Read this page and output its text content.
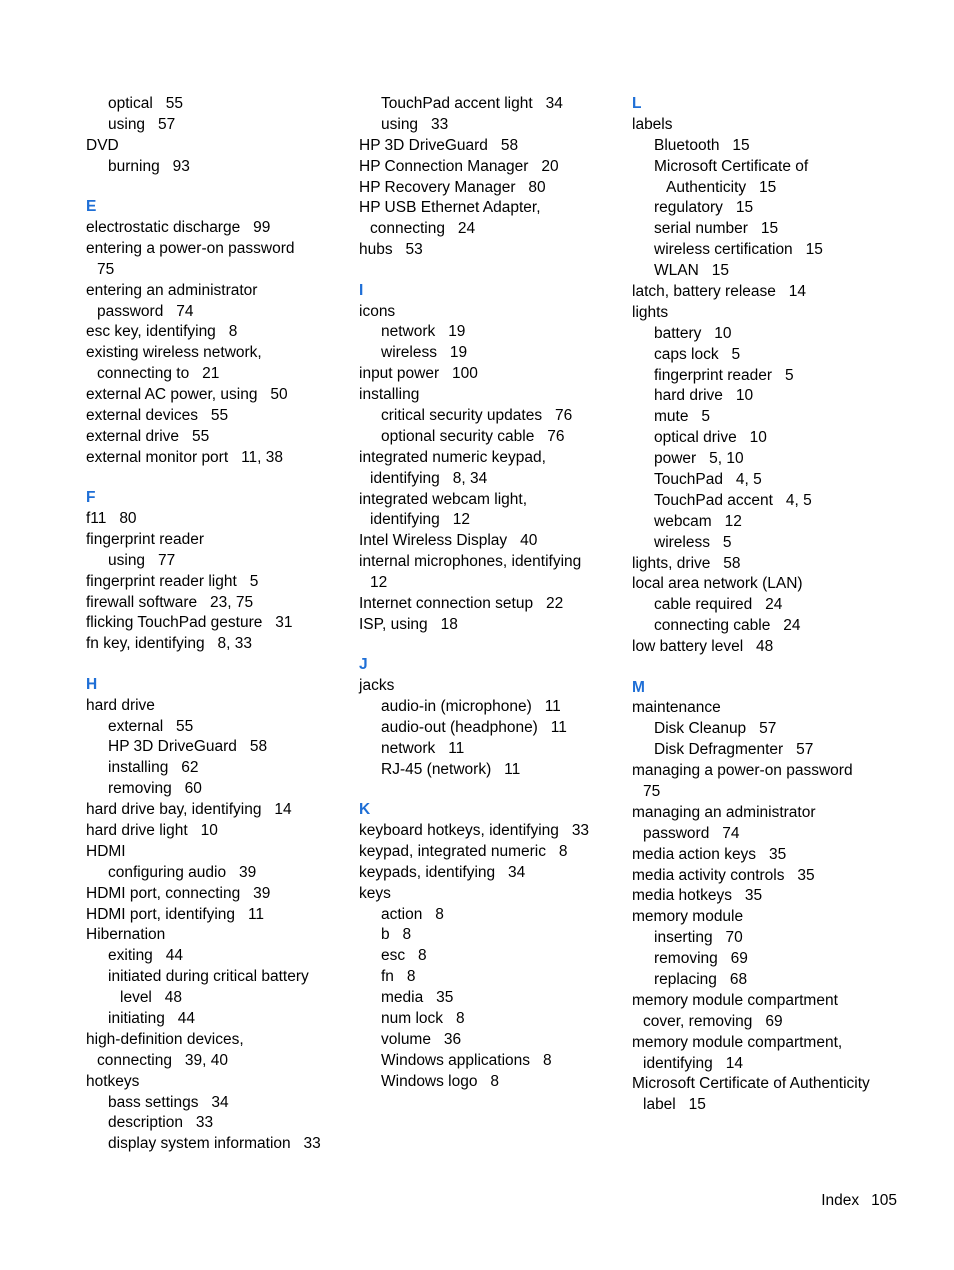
optical   55
using   57
DVD
burning   93
E
electrostatic discharge   99
entering a power-on password
75
entering an administrator
password   74
esc key, identifying   8
existing wireless network,
connecting to   21
external AC power, using   50
external devices   55
external drive   55
external monitor port   11, 38
F
f11   80
fingerprint reader
using   77
fingerprint reader light   5
firewall software   23, 75
flicking TouchPad gesture   31
fn key, identifying   8, 33
H
hard drive
external   55
HP 3D DriveGuard   58
installing   62
removing   60
hard drive bay, identifying   14
hard drive light   10
HDMI
configuring audio   39
HDMI port, connecting   39
HDMI port, identifying   11
Hibernation
exiting   44
initiated during critical battery
level   48
initiating   44
high-definition devices,
connecting   39, 40
hotkeys
bass settings   34
description   33
display system information   33
TouchPad accent light   34
using   33
HP 3D DriveGuard   58
HP Connection Manager   20
HP Recovery Manager   80
HP USB Ethernet Adapter,
connecting   24
hubs   53
I
icons
network   19
wireless   19
input power   100
installing
critical security updates   76
optional security cable   76
integrated numeric keypad,
identifying   8, 34
integrated webcam light,
identifying   12
Intel Wireless Display   40
internal microphones, identifying
12
Internet connection setup   22
ISP, using   18
J
jacks
audio-in (microphone)   11
audio-out (headphone)   11
network   11
RJ-45 (network)   11
K
keyboard hotkeys, identifying   33
keypad, integrated numeric   8
keypads, identifying   34
keys
action   8
b   8
esc   8
fn   8
media   35
num lock   8
volume   36
Windows applications   8
Windows logo   8
L
labels
Bluetooth   15
Microsoft Certificate of
Authenticity   15
regulatory   15
serial number   15
wireless certification   15
WLAN   15
latch, battery release   14
lights
battery   10
caps lock   5
fingerprint reader   5
hard drive   10
mute   5
optical drive   10
power   5, 10
TouchPad   4, 5
TouchPad accent   4, 5
webcam   12
wireless   5
lights, drive   58
local area network (LAN)
cable required   24
connecting cable   24
low battery level   48
M
maintenance
Disk Cleanup   57
Disk Defragmenter   57
managing a power-on password
75
managing an administrator
password   74
media action keys   35
media activity controls   35
media hotkeys   35
memory module
inserting   70
removing   69
replacing   68
memory module compartment
cover, removing   69
memory module compartment,
identifying   14
Microsoft Certificate of Authenticity
label   15
Index 105
